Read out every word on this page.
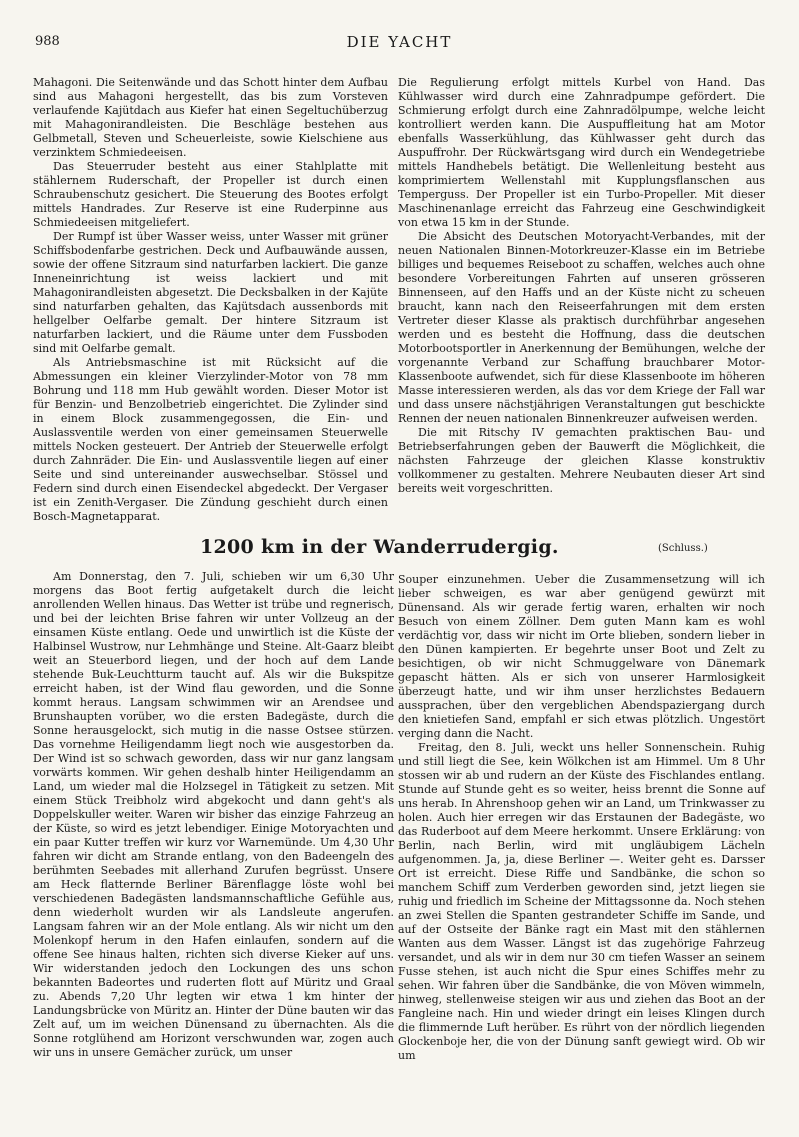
988	DIE YACHT

Mahagoni. Die Seitenwände und das Schott hinter dem Aufbau sind aus Mahagoni hergestellt, das bis zum Vorsteven verlaufende Kajütdach aus Kiefer hat einen Segeltuchüberzug mit Mahagonirandleisten. Die Beschläge bestehen aus Gelbmetall, Steven und Scheuerleiste, sowie Kielschiene aus verzinktem Schmiedeeisen.

Das Steuerruder besteht aus einer Stahlplatte mit stählernem Ruderschaft, der Propeller ist durch einen Schraubenschutz gesichert. Die Steuerung des Bootes erfolgt mittels Handrades. Zur Reserve ist eine Ruderpinne aus Schmiedeeisen mitgeliefert.

Der Rumpf ist über Wasser weiss, unter Wasser mit grüner Schiffsbodenfarbe gestrichen. Deck und Aufbauwände aussen, sowie der offene Sitzraum sind naturfarben lackiert. Die ganze Inneneinrichtung ist weiss lackiert und mit Mahagonirandleisten abgesetzt. Die Decksbalken in der Kajüte sind naturfarben gehalten, das Kajütsdach aussenbords mit hellgelber Oelfarbe gemalt. Der hintere Sitzraum ist naturfarben lackiert, und die Räume unter dem Fussboden sind mit Oelfarbe gemalt.

Als Antriebsmaschine ist mit Rücksicht auf die Abmessungen ein kleiner Vierzylinder-Motor von 78 mm Bohrung und 118 mm Hub gewählt worden. Dieser Motor ist für Benzin- und Benzolbetrieb eingerichtet. Die Zylinder sind in einem Block zusammengegossen, die Ein- und Auslassventile werden von einer gemeinsamen Steuerwelle mittels Nocken gesteuert. Der Antrieb der Steuerwelle erfolgt durch Zahnräder. Die Ein- und Auslassventile liegen auf einer Seite und sind untereinander auswechselbar. Stössel und Federn sind durch einen Eisendeckel abgedeckt. Der Vergaser ist ein Zenith-Vergaser. Die Zündung geschieht durch einen Bosch-Magnetapparat.

Die Regulierung erfolgt mittels Kurbel von Hand. Das Kühlwasser wird durch eine Zahnradpumpe gefördert. Die Schmierung erfolgt durch eine Zahnradölpumpe, welche leicht kontrolliert werden kann. Die Auspuffleitung hat am Motor ebenfalls Wasserkühlung, das Kühlwasser geht durch das Auspuffrohr. Der Rückwärtsgang wird durch ein Wendegetriebe mittels Handhebels betätigt. Die Wellenleitung besteht aus komprimiertem Wellenstahl mit Kupplungsflanschen aus Temperguss. Der Propeller ist ein Turbo-Propeller. Mit dieser Maschinenanlage erreicht das Fahrzeug eine Geschwindigkeit von etwa 15 km in der Stunde.

Die Absicht des Deutschen Motoryacht-Verbandes, mit der neuen Nationalen Binnen-Motorkreuzer-Klasse ein im Betriebe billiges und bequemes Reiseboot zu schaffen, welches auch ohne besondere Vorbereitungen Fahrten auf unseren grösseren Binnenseen, auf den Haffs und an der Küste nicht zu scheuen braucht, kann nach den Reiseerfahrungen mit dem ersten Vertreter dieser Klasse als praktisch durchführbar angesehen werden und es besteht die Hoffnung, dass die deutschen Motorbootsportler in Anerkennung der Bemühungen, welche der vorgenannte Verband zur Schaffung brauchbarer Motor-Klassenboote aufwendet, sich für diese Klassenboote im höheren Masse interessieren werden, als das vor dem Kriege der Fall war und dass unsere nächstjährigen Veranstaltungen gut beschickte Rennen der neuen nationalen Binnenkreuzer aufweisen werden.

Die mit Ritschy IV gemachten praktischen Bau- und Betriebserfahrungen geben der Bauwerft die Möglichkeit, die nächsten Fahrzeuge der gleichen Klasse konstruktiv vollkommener zu gestalten. Mehrere Neubauten dieser Art sind bereits weit vorgeschritten.

1200 km in der Wanderrudergig.	(Schluss.)

Am Donnerstag, den 7. Juli, schieben wir um 6,30 Uhr morgens das Boot fertig aufgetakelt durch die leicht anrollenden Wellen hinaus. Das Wetter ist trübe und regnerisch, und bei der leichten Brise fahren wir unter Vollzeug an der einsamen Küste entlang. Oede und unwirtlich ist die Küste der Halbinsel Wustrow, nur Lehmhänge und Steine. Alt-Gaarz bleibt weit an Steuerbord liegen, und der hoch auf dem Lande stehende Buk-Leuchtturm taucht auf. Als wir die Bukspitze erreicht haben, ist der Wind flau geworden, und die Sonne kommt heraus. Langsam schwimmen wir an Arendsee und Brunshaupten vorüber, wo die ersten Badegäste, durch die Sonne herausgelockt, sich mutig in die nasse Ostsee stürzen. Das vornehme Heiligendamm liegt noch wie ausgestorben da. Der Wind ist so schwach geworden, dass wir nur ganz langsam vorwärts kommen. Wir gehen deshalb hinter Heiligendamm an Land, um wieder mal die Holzsegel in Tätigkeit zu setzen. Mit einem Stück Treibholz wird abgekocht und dann geht's als Doppelskuller weiter. Waren wir bisher das einzige Fahrzeug an der Küste, so wird es jetzt lebendiger. Einige Motoryachten und ein paar Kutter treffen wir kurz vor Warnemünde. Um 4,30 Uhr fahren wir dicht am Strande entlang, von den Badeengeln des berühmten Seebades mit allerhand Zurufen begrüsst. Unsere am Heck flatternde Berliner Bärenflagge löste wohl bei verschiedenen Badegästen landsmannschaftliche Gefühle aus, denn wiederholt wurden wir als Landsleute angerufen. Langsam fahren wir an der Mole entlang. Als wir nicht um den Molenkopf herum in den Hafen einlaufen, sondern auf die offene See hinaus halten, richten sich diverse Kieker auf uns. Wir widerstanden jedoch den Lockungen des uns schon bekannten Badeortes und ruderten flott auf Müritz und Graal zu. Abends 7,20 Uhr legten wir etwa 1 km hinter der Landungsbrücke von Müritz an. Hinter der Düne bauten wir das Zelt auf, um im weichen Dünensand zu übernachten. Als die Sonne rotglühend am Horizont verschwunden war, zogen auch wir uns in unsere Gemächer zurück, um unser

Souper einzunehmen. Ueber die Zusammensetzung will ich lieber schweigen, es war aber genügend gewürzt mit Dünensand. Als wir gerade fertig waren, erhalten wir noch Besuch von einem Zöllner. Dem guten Mann kam es wohl verdächtig vor, dass wir nicht im Orte blieben, sondern lieber in den Dünen kampierten. Er begehrte unser Boot und Zelt zu besichtigen, ob wir nicht Schmuggelware von Dänemark gepascht hätten. Als er sich von unserer Harmlosigkeit überzeugt hatte, und wir ihm unser herzlichstes Bedauern aussprachen, über den vergeblichen Abendspaziergang durch den knietiefen Sand, empfahl er sich etwas plötzlich. Ungestört verging dann die Nacht.

Freitag, den 8. Juli, weckt uns heller Sonnenschein. Ruhig und still liegt die See, kein Wölkchen ist am Himmel. Um 8 Uhr stossen wir ab und rudern an der Küste des Fischlandes entlang. Stunde auf Stunde geht es so weiter, heiss brennt die Sonne auf uns herab. In Ahrenshoop gehen wir an Land, um Trinkwasser zu holen. Auch hier erregen wir das Erstaunen der Badegäste, wo das Ruderboot auf dem Meere herkommt. Unsere Erklärung: von Berlin, nach Berlin, wird mit ungläubigem Lächeln aufgenommen. Ja, ja, diese Berliner —. Weiter geht es. Darsser Ort ist erreicht. Diese Riffe und Sandbänke, die schon so manchem Schiff zum Verderben geworden sind, jetzt liegen sie ruhig und friedlich im Scheine der Mittagssonne da. Noch stehen an zwei Stellen die Spanten gestrandeter Schiffe im Sande, und auf der Ostseite der Bänke ragt ein Mast mit den stählernen Wanten aus dem Wasser. Längst ist das zugehörige Fahrzeug versandet, und als wir in dem nur 30 cm tiefen Wasser an seinem Fusse stehen, ist auch nicht die Spur eines Schiffes mehr zu sehen. Wir fahren über die Sandbänke, die von Möven wimmeln, hinweg, stellenweise steigen wir aus und ziehen das Boot an der Fangleine nach. Hin und wieder dringt ein leises Klingen durch die flimmernde Luft herüber. Es rührt von der nördlich liegenden Glockenboje her, die von der Dünung sanft gewiegt wird. Ob wir um
